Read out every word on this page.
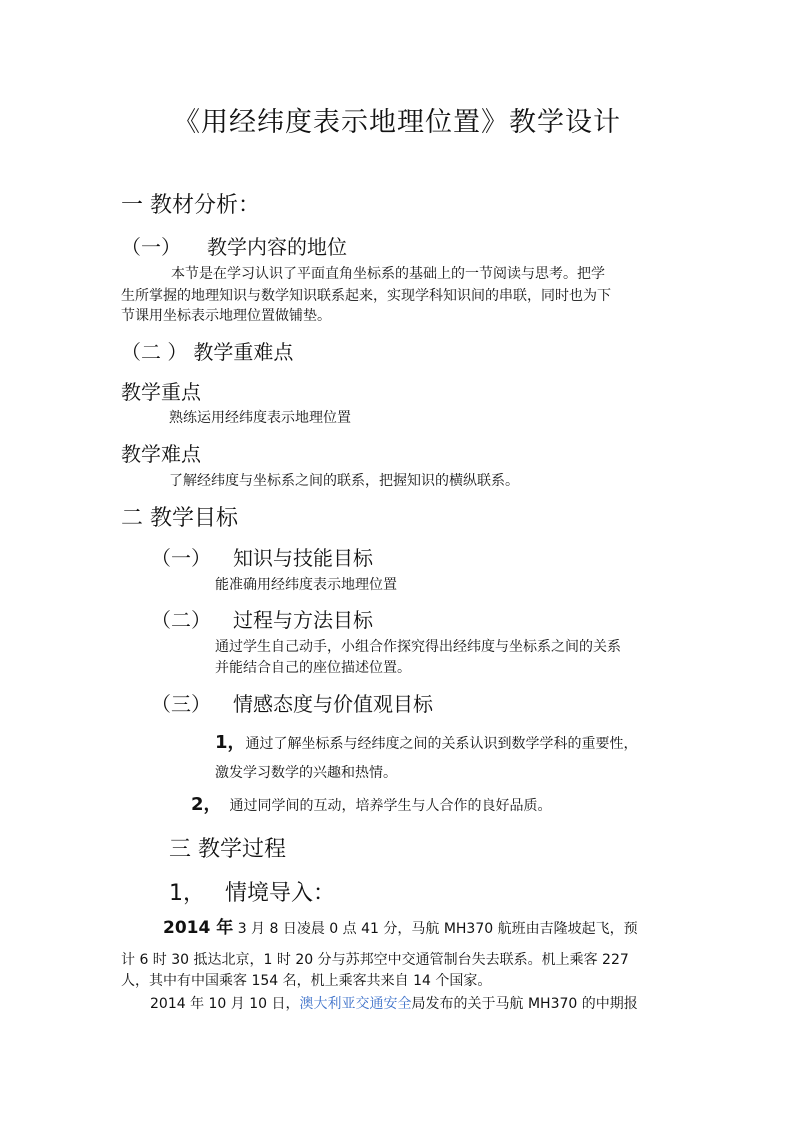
《用经纬度表示地理位置》教学设计
一 教材分析：
（一） 教学内容的地位
本节是在学习认识了平面直角坐标系的基础上的一节阅读与思考。把学
生所掌握的地理知识与数学知识联系起来，实现学科知识间的串联，同时也为下
节课用坐标表示地理位置做铺垫。
（二 ） 教学重难点
教学重点
熟练运用经纬度表示地理位置
教学难点
了解经纬度与坐标系之间的联系，把握知识的横纵联系。
二 教学目标
（一） 知识与技能目标
能准确用经纬度表示地理位置
（二） 过程与方法目标
通过学生自己动手，小组合作探究得出经纬度与坐标系之间的关系
并能结合自己的座位描述位置。
（三） 情感态度与价值观目标
1，通过了解坐标系与经纬度之间的关系认识到数学学科的重要性，
激发学习数学的兴趣和热情。
2， 通过同学间的互动，培养学生与人合作的良好品质。
三 教学过程
1， 情境导入：
2014 年 3 月 8 日凌晨 0 点 41 分，马航 MH370 航班由吉隆坡起飞，预
计 6 时 30 抵达北京，1 时 20 分与苏邦空中交通管制台失去联系。机上乘客 227
人，其中有中国乘客 154 名，机上乘客共来自 14 个国家。
2014 年 10 月 10 日，澳大利亚交通安全局发布的关于马航 MH370 的中期报
